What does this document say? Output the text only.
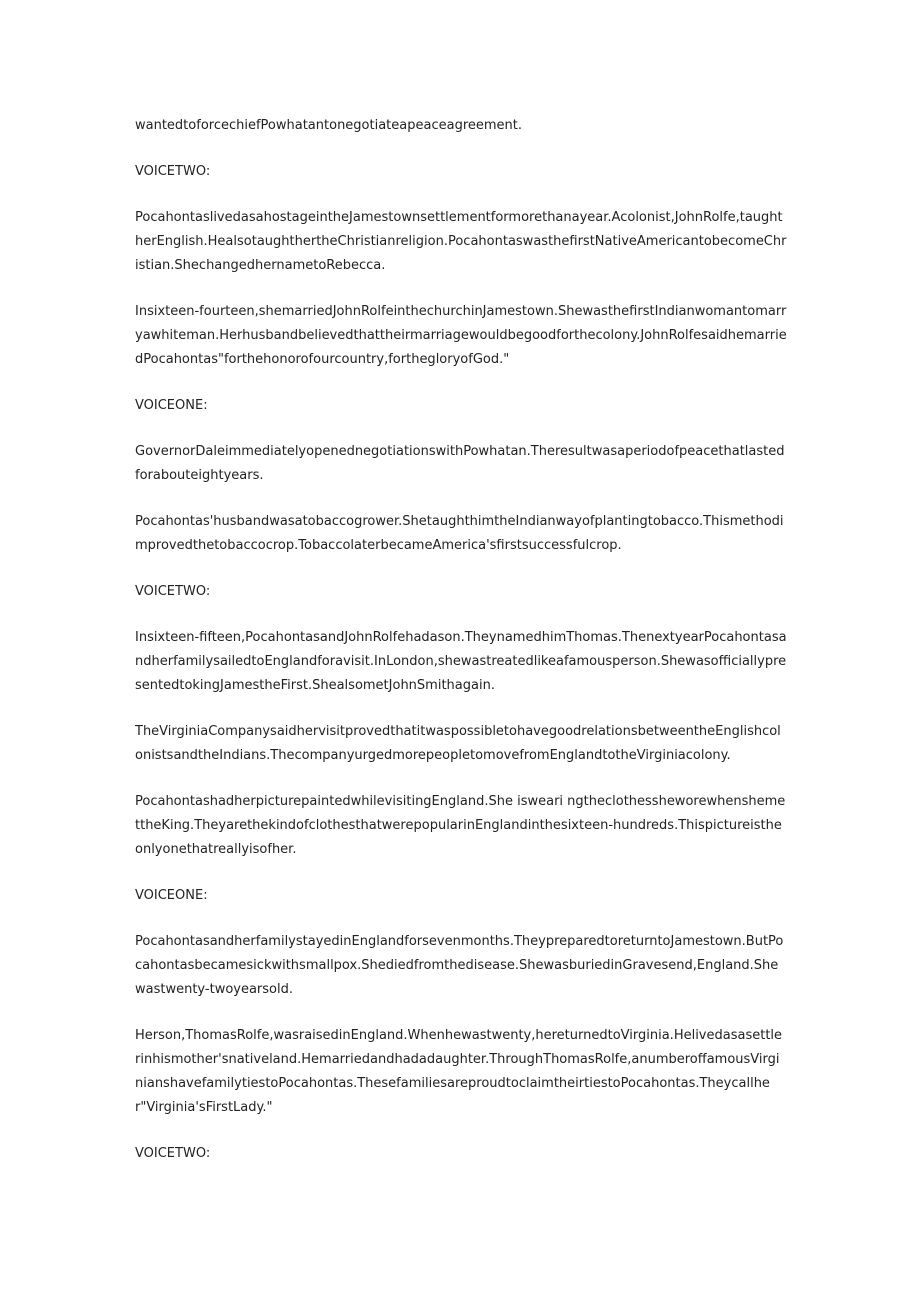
wantedtoforcechiefPowhatantonegotiateapeaceagreement.

VOICETWO:

PocahontaslivedasahostageintheJamestownsettlementformorethanayear.Acolonist,JohnRolfe,taughtherEnglish.HealsotaughthertheChristianreligion.PocahontaswasthefirstNativeAmericantobecomeChristian.ShechangedhernametoRebecca.

Insixteen-fourteen,shemarriedJohnRolfeinthechurchinJamestown.ShewasthefirstIndianwomantomarryawhiteman.Herhusbandbelievedthattheirmarriagewouldbegoodforthecolony.JohnRolfesaidhemarriedPocahontas"forthehonorofourcountry,forthegloryofGod."

VOICEONE:

GovernorDaleimmediatelyopenednegotiationswithPowhatan.Theresultwasaperiodofpeacethatlastedforabouteightyears.

Pocahontas'husbandwasatobaccogrower.ShetaughthimtheIndianwayofplantingtobacco.Thismethodimprovedthetobaccocrop.TobaccolaterbecameAmerica'sfirstsuccessfulcrop.

VOICETWO:

Insixteen-fifteen,PocahontasandJohnRolfehadason.TheynamedhimThomas.ThenextyearPocahontasandherfamilysailedtoEnglandforavisit.InLondon,shewastreatedlikeafamousperson.ShewasofficiallypresentedtokingJamestheFirst.ShealsometJohnSmithagain.

TheVirginiaCompanysaidhervisitprovedthatitwaspossibletohavegoodrelationsbetweentheEnglishcolonistsandtheIndians.ThecompanyurgedmorepeopletomovefromEnglandtotheVirginiacolony.

PocahontashadherpicturepaintedwhilevisitingEngland.She isweari ngtheclothessheworewhenshemettheKing.TheyarethekindofclothesthatwerepopularinEnglandinthesixteen-hundreds.Thispictureistheonlyonethatreallyisofher.

VOICEONE:

PocahontasandherfamilystayedinEnglandforsevenmonths.TheypreparedtoreturntoJamestown.ButPocahontasbecamesickwithsmallpox.Shediedfromthedisease.ShewasburiedinGravesend,England.Shewastwenty-twoyearsold.

Herson,ThomasRolfe,wasraisedinEngland.Whenhewastwenty,hereturnedtoVirginia.Helivedasasettlerinhismother'snativeland.Hemarriedandhadadaughter.ThroughThomasRolfe,anumberoffamousVirginianshavefamilytiestoPocahontas.ThesefamiliesareproudtoclaimtheirtiestoPocahontas.Theycallher"Virginia'sFirstLady."

VOICETWO:
